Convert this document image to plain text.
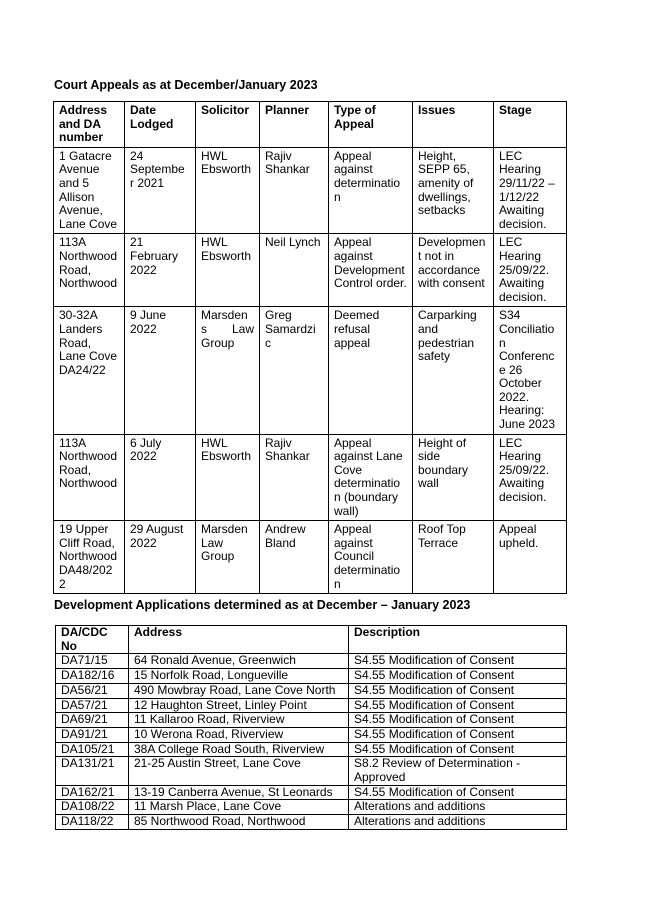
Court Appeals as at December/January 2023
Address and DA number	Date Lodged	Solicitor	Planner	Type of Appeal	Issues	Stage
1 Gatacre Avenue and 5 Allison Avenue, Lane Cove	24 Septembe r 2021	HWL Ebsworth	Rajiv Shankar	Appeal against determinatio n	Height, SEPP 65, amenity of dwellings, setbacks	LEC Hearing 29/11/22 – 1/12/22 Awaiting decision.
113A Northwood Road, Northwood	21 February 2022	HWL Ebsworth	Neil Lynch	Appeal against Development Control order.	Developmen t not in accordance with consent	LEC Hearing 25/09/22. Awaiting decision.
30-32A Landers Road, Lane Cove DA24/22	9 June 2022	Marsden s Law Group	Greg Samardzi c	Deemed refusal appeal	Carparking and pedestrian safety	S34 Conciliatio n Conferenc e 26 October 2022. Hearing: June 2023
113A Northwood Road, Northwood	6 July 2022	HWL Ebsworth	Rajiv Shankar	Appeal against Lane Cove determinatio n (boundary wall)	Height of side boundary wall	LEC Hearing 25/09/22. Awaiting decision.
19 Upper Cliff Road, Northwood DA48/202 2	29 August 2022	Marsden Law Group	Andrew Bland	Appeal against Council determinatio n	Roof Top Terrace	Appeal upheld.
Development Applications determined as at December – January 2023
DA/CDC No	Address	Description
DA71/15	64 Ronald Avenue, Greenwich	S4.55 Modification of Consent
DA182/16	15 Norfolk Road, Longueville	S4.55 Modification of Consent
DA56/21	490 Mowbray Road, Lane Cove North	S4.55 Modification of Consent
DA57/21	12 Haughton Street, Linley Point	S4.55 Modification of Consent
DA69/21	11 Kallaroo Road, Riverview	S4.55 Modification of Consent
DA91/21	10 Werona Road, Riverview	S4.55 Modification of Consent
DA105/21	38A College Road South, Riverview	S4.55 Modification of Consent
DA131/21	21-25 Austin Street, Lane Cove	S8.2 Review of Determination - Approved
DA162/21	13-19 Canberra Avenue, St Leonards	S4.55 Modification of Consent
DA108/22	11 Marsh Place, Lane Cove	Alterations and additions
DA118/22	85 Northwood Road, Northwood	Alterations and additions
